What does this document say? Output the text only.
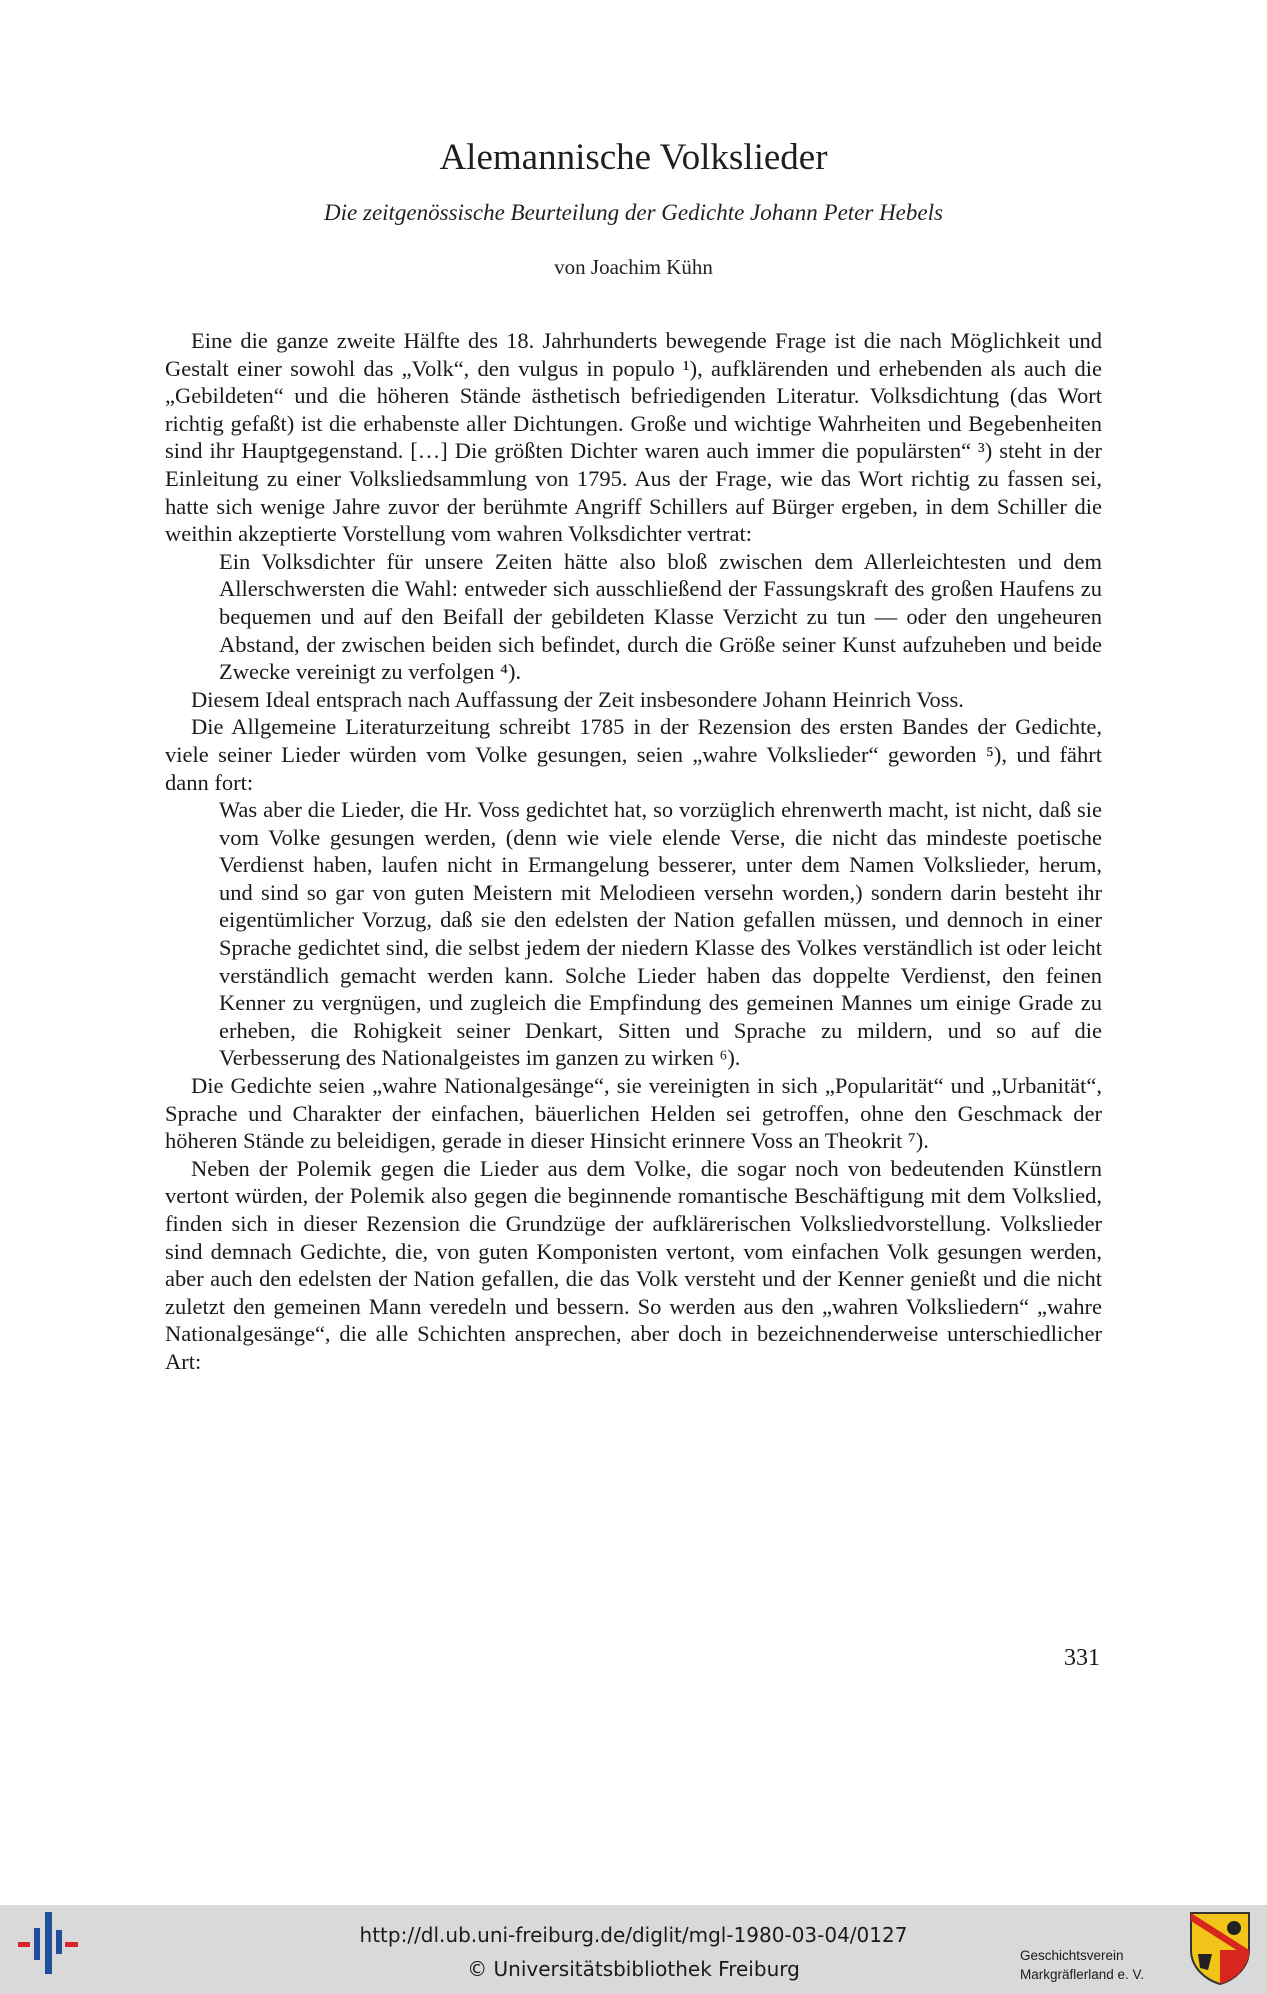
Alemannische Volkslieder
Die zeitgenössische Beurteilung der Gedichte Johann Peter Hebels
von Joachim Kühn

Eine die ganze zweite Hälfte des 18. Jahrhunderts bewegende Frage ist die nach Möglichkeit und Gestalt einer sowohl das „Volk“, den vulgus in populo ¹), aufklärenden und erhebenden als auch die „Gebildeten“ und die höheren Stände ästhetisch befriedigenden Literatur. Volksdichtung (das Wort richtig gefaßt) ist die erhabenste aller Dichtungen. Große und wichtige Wahrheiten und Begebenheiten sind ihr Hauptgegenstand. […] Die größten Dichter waren auch immer die populärsten“ ³) steht in der Einleitung zu einer Volksliedsammlung von 1795. Aus der Frage, wie das Wort richtig zu fassen sei, hatte sich wenige Jahre zuvor der berühmte Angriff Schillers auf Bürger ergeben, in dem Schiller die weithin akzeptierte Vorstellung vom wahren Volksdichter vertrat:

Ein Volksdichter für unsere Zeiten hätte also bloß zwischen dem Allerleichtesten und dem Allerschwersten die Wahl: entweder sich ausschließend der Fassungskraft des großen Haufens zu bequemen und auf den Beifall der gebildeten Klasse Verzicht zu tun — oder den ungeheuren Abstand, der zwischen beiden sich befindet, durch die Größe seiner Kunst aufzuheben und beide Zwecke vereinigt zu verfolgen ⁴).

Diesem Ideal entsprach nach Auffassung der Zeit insbesondere Johann Heinrich Voss.

Die Allgemeine Literaturzeitung schreibt 1785 in der Rezension des ersten Bandes der Gedichte, viele seiner Lieder würden vom Volke gesungen, seien „wahre Volkslieder“ geworden ⁵), und fährt dann fort:

Was aber die Lieder, die Hr. Voss gedichtet hat, so vorzüglich ehrenwerth macht, ist nicht, daß sie vom Volke gesungen werden, (denn wie viele elende Verse, die nicht das mindeste poetische Verdienst haben, laufen nicht in Ermangelung besserer, unter dem Namen Volkslieder, herum, und sind so gar von guten Meistern mit Melodieen versehn worden,) sondern darin besteht ihr eigentümlicher Vorzug, daß sie den edelsten der Nation gefallen müssen, und dennoch in einer Sprache gedichtet sind, die selbst jedem der niedern Klasse des Volkes verständlich ist oder leicht verständlich gemacht werden kann. Solche Lieder haben das doppelte Verdienst, den feinen Kenner zu vergnügen, und zugleich die Empfindung des gemeinen Mannes um einige Grade zu erheben, die Rohigkeit seiner Denkart, Sitten und Sprache zu mildern, und so auf die Verbesserung des Nationalgeistes im ganzen zu wirken ⁶).

Die Gedichte seien „wahre Nationalgesänge“, sie vereinigten in sich „Popularität“ und „Urbanität“, Sprache und Charakter der einfachen, bäuerlichen Helden sei getroffen, ohne den Geschmack der höheren Stände zu beleidigen, gerade in dieser Hinsicht erinnere Voss an Theokrit ⁷).

Neben der Polemik gegen die Lieder aus dem Volke, die sogar noch von bedeutenden Künstlern vertont würden, der Polemik also gegen die beginnende romantische Beschäftigung mit dem Volkslied, finden sich in dieser Rezension die Grundzüge der aufklärerischen Volksliedvorstellung. Volkslieder sind demnach Gedichte, die, von guten Komponisten vertont, vom einfachen Volk gesungen werden, aber auch den edelsten der Nation gefallen, die das Volk versteht und der Kenner genießt und die nicht zuletzt den gemeinen Mann veredeln und bessern. So werden aus den „wahren Volksliedern“ „wahre Nationalgesänge“, die alle Schichten ansprechen, aber doch in bezeichnenderweise unterschiedlicher Art:

331
http://dl.ub.uni-freiburg.de/diglit/mgl-1980-03-04/0127
© Universitätsbibliothek Freiburg
Geschichtsverein
Markgräflerland e. V.
